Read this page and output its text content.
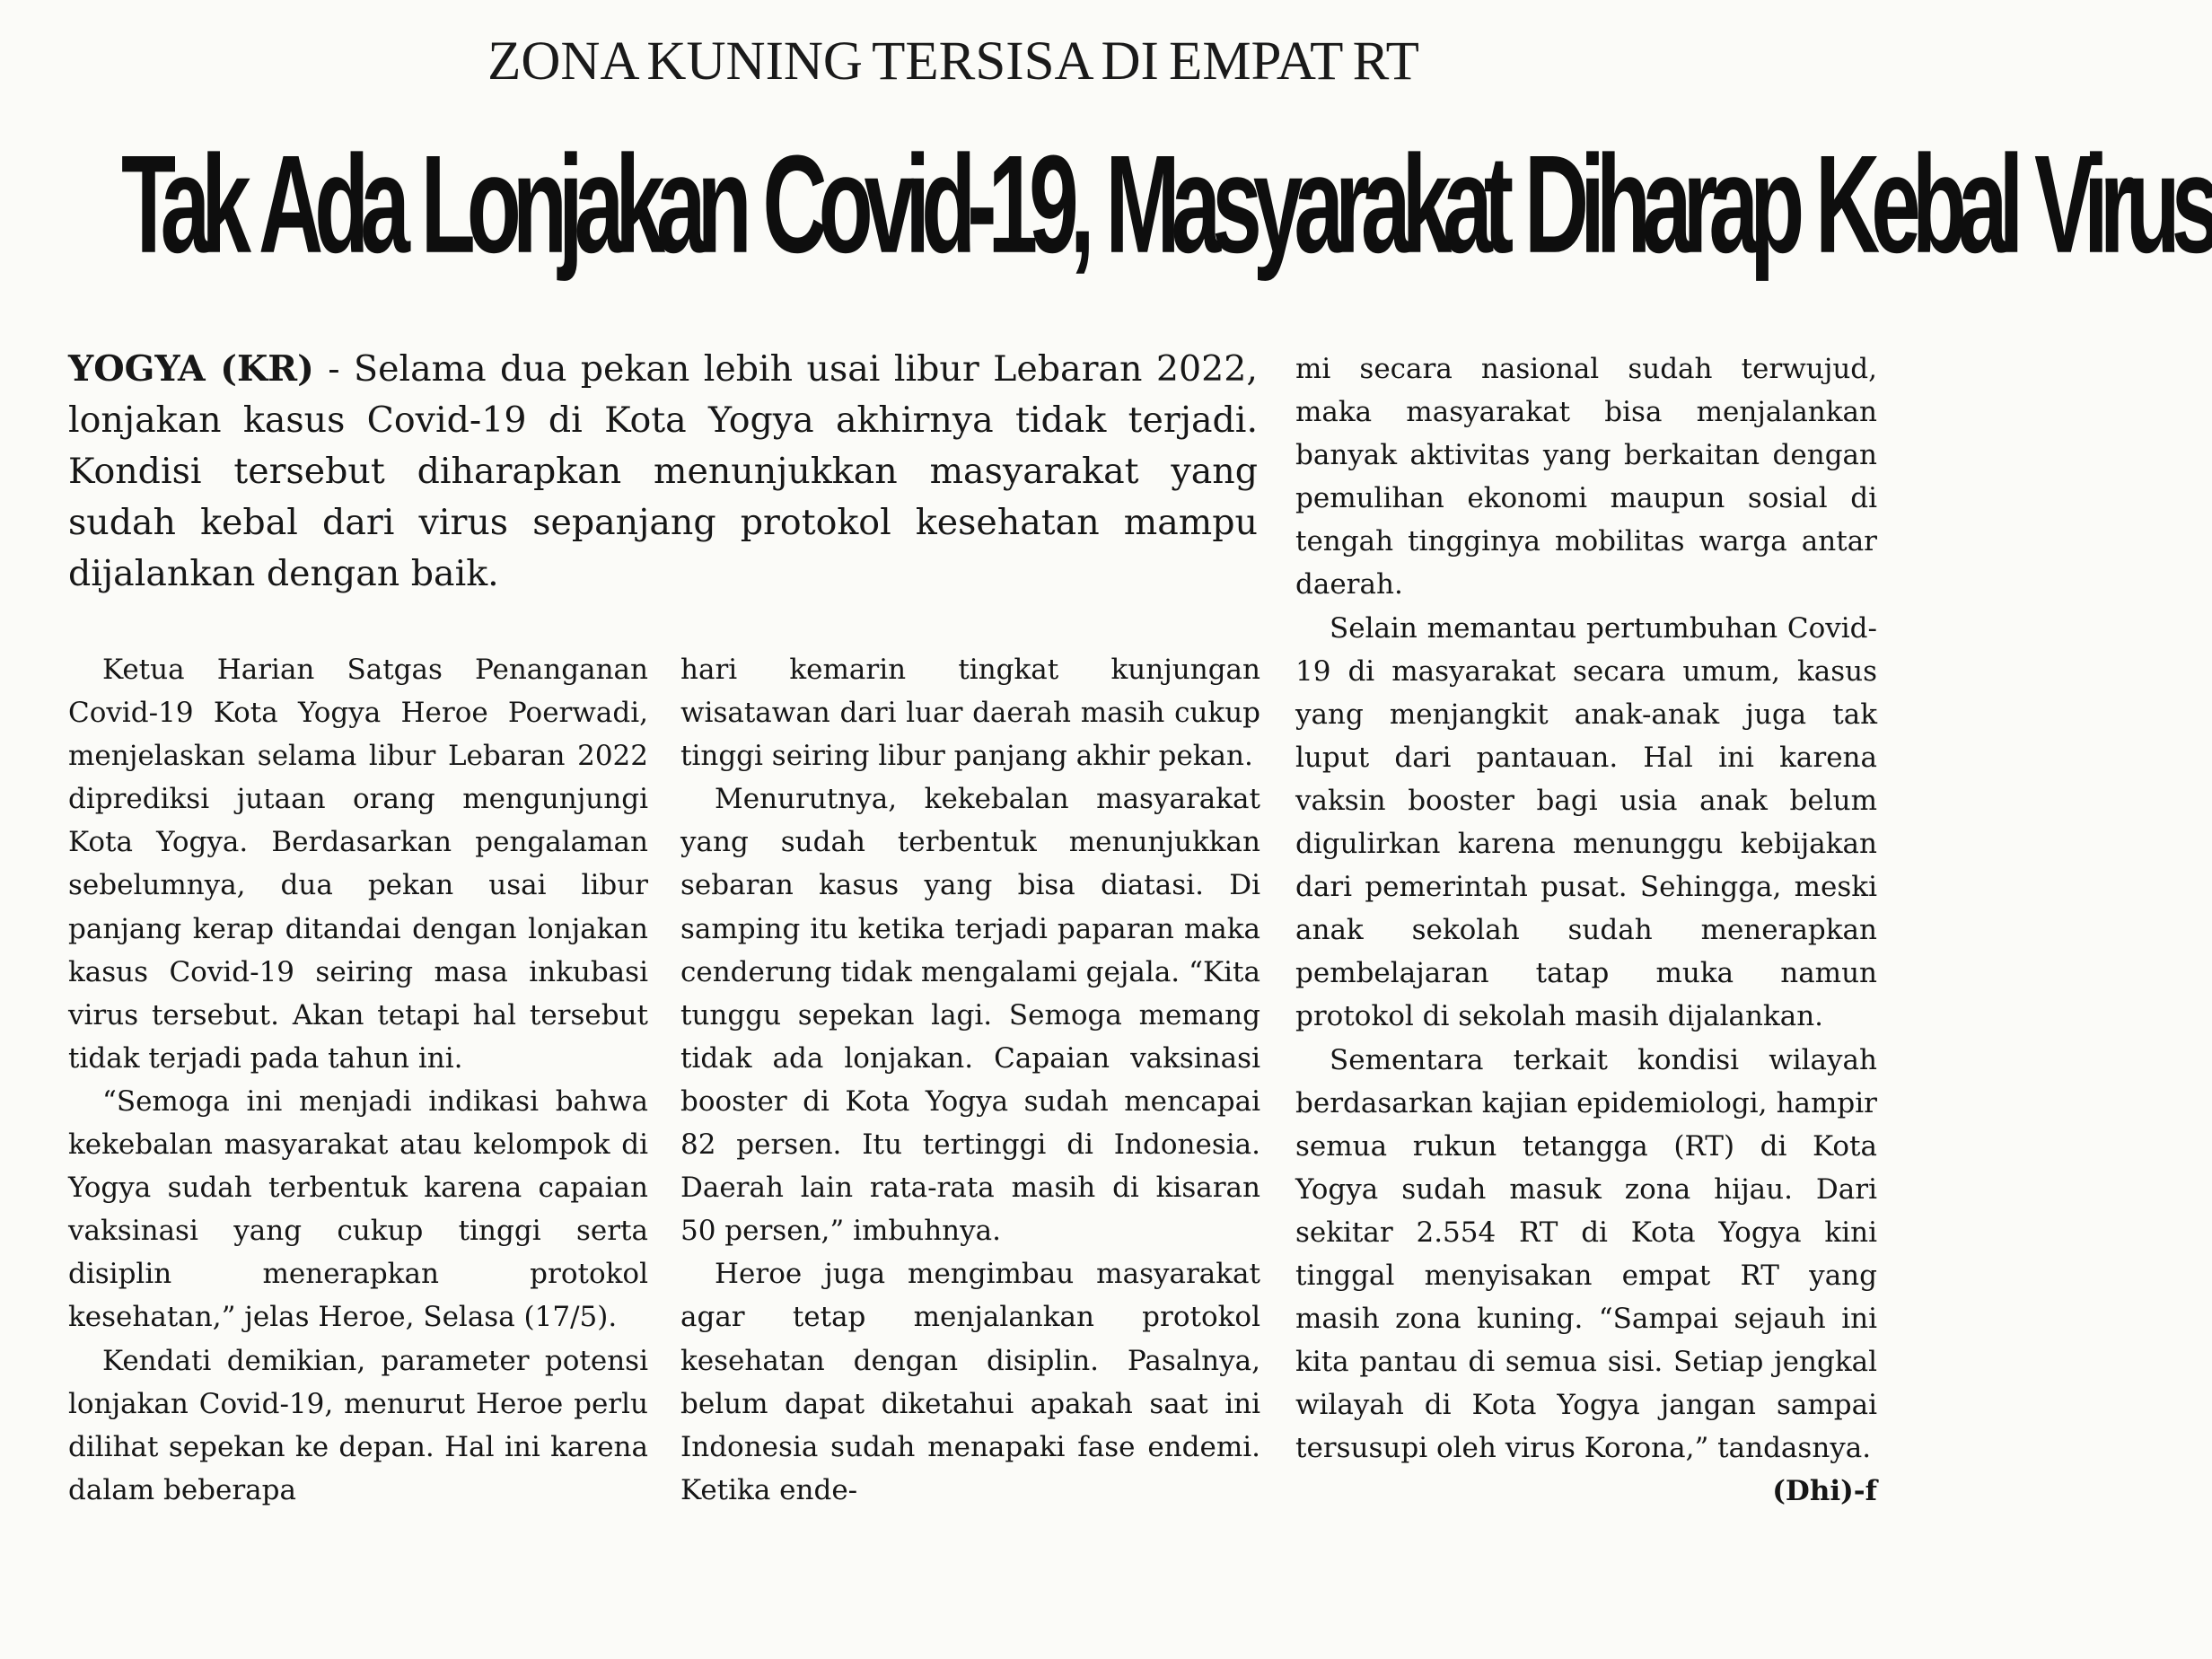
ZONA KUNING TERSISA DI EMPAT RT
Tak Ada Lonjakan Covid-19, Masyarakat Diharap Kebal Virus
YOGYA (KR) - Selama dua pekan lebih usai libur Lebaran 2022, lonjakan kasus Covid-19 di Kota Yogya akhirnya tidak terjadi. Kondisi tersebut diharapkan menunjukkan masyarakat yang sudah kebal dari virus sepanjang protokol kesehatan mampu dijalankan dengan baik.

Ketua Harian Satgas Penanganan Covid-19 Kota Yogya Heroe Poerwadi, menjelaskan selama libur Lebaran 2022 diprediksi jutaan orang mengunjungi Kota Yogya. Berdasarkan pengalaman sebelumnya, dua pekan usai libur panjang kerap ditandai dengan lonjakan kasus Covid-19 seiring masa inkubasi virus tersebut. Akan tetapi hal tersebut tidak terjadi pada tahun ini.

“Semoga ini menjadi indikasi bahwa kekebalan masyarakat atau kelompok di Yogya sudah terbentuk karena capaian vaksinasi yang cukup tinggi serta disiplin menerapkan protokol kesehatan,” jelas Heroe, Selasa (17/5).

Kendati demikian, parameter potensi lonjakan Covid-19, menurut Heroe perlu dilihat sepekan ke depan. Hal ini karena dalam beberapa

hari kemarin tingkat kunjungan wisatawan dari luar daerah masih cukup tinggi seiring libur panjang akhir pekan.

Menurutnya, kekebalan masyarakat yang sudah terbentuk menunjukkan sebaran kasus yang bisa diatasi. Di samping itu ketika terjadi paparan maka cenderung tidak mengalami gejala. “Kita tunggu sepekan lagi. Semoga memang tidak ada lonjakan. Capaian vaksinasi booster di Kota Yogya sudah mencapai 82 persen. Itu tertinggi di Indonesia. Daerah lain rata-rata masih di kisaran 50 persen,” imbuhnya.

Heroe juga mengimbau masyarakat agar tetap menjalankan protokol kesehatan dengan disiplin. Pasalnya, belum dapat diketahui apakah saat ini Indonesia sudah menapaki fase endemi. Ketika ende-

mi secara nasional sudah terwujud, maka masyarakat bisa menjalankan banyak aktivitas yang berkaitan dengan pemulihan ekonomi maupun sosial di tengah tingginya mobilitas warga antar daerah.

Selain memantau pertumbuhan Covid-19 di masyarakat secara umum, kasus yang menjangkit anak-anak juga tak luput dari pantauan. Hal ini karena vaksin booster bagi usia anak belum digulirkan karena menunggu kebijakan dari pemerintah pusat. Sehingga, meski anak sekolah sudah menerapkan pembelajaran tatap muka namun protokol di sekolah masih dijalankan.

Sementara terkait kondisi wilayah berdasarkan kajian epidemiologi, hampir semua rukun tetangga (RT) di Kota Yogya sudah masuk zona hijau. Dari sekitar 2.554 RT di Kota Yogya kini tinggal menyisakan empat RT yang masih zona kuning. “Sampai sejauh ini kita pantau di semua sisi. Setiap jengkal wilayah di Kota Yogya jangan sampai tersusupi oleh virus Korona,” tandasnya.
(Dhi)-f
